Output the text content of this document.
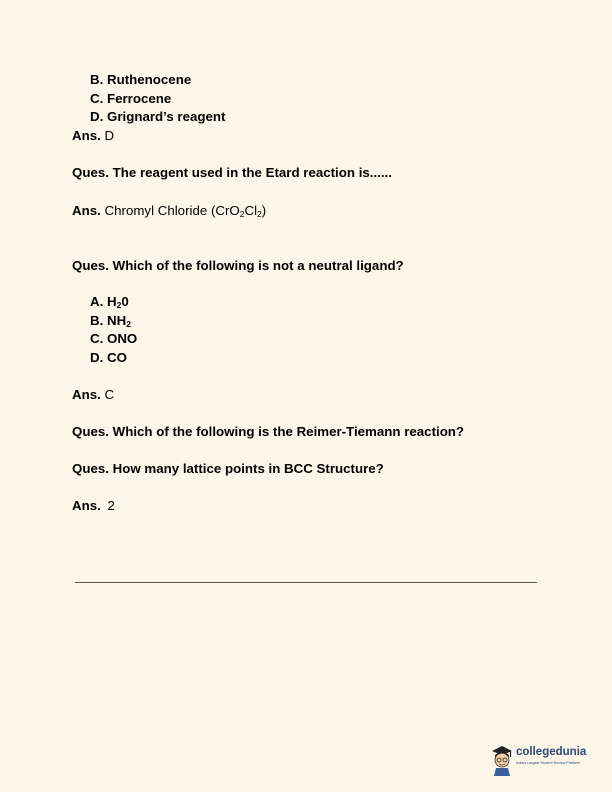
B. Ruthenocene
C. Ferrocene
D. Grignard’s reagent
Ans. D
Ques. The reagent used in the Etard reaction is......
Ans. Chromyl Chloride $(CrO_2Cl_2)$
Ques. Which of the following is not a neutral ligand?
A. $H_20$
B. $NH_2$
C. ONO
D. CO
Ans. C
Ques. Which of the following is the Reimer-Tiemann reaction?
Ques. How many lattice points in BCC Structure?
Ans. 2
collegedunia
India's Largest Student Review Platform
